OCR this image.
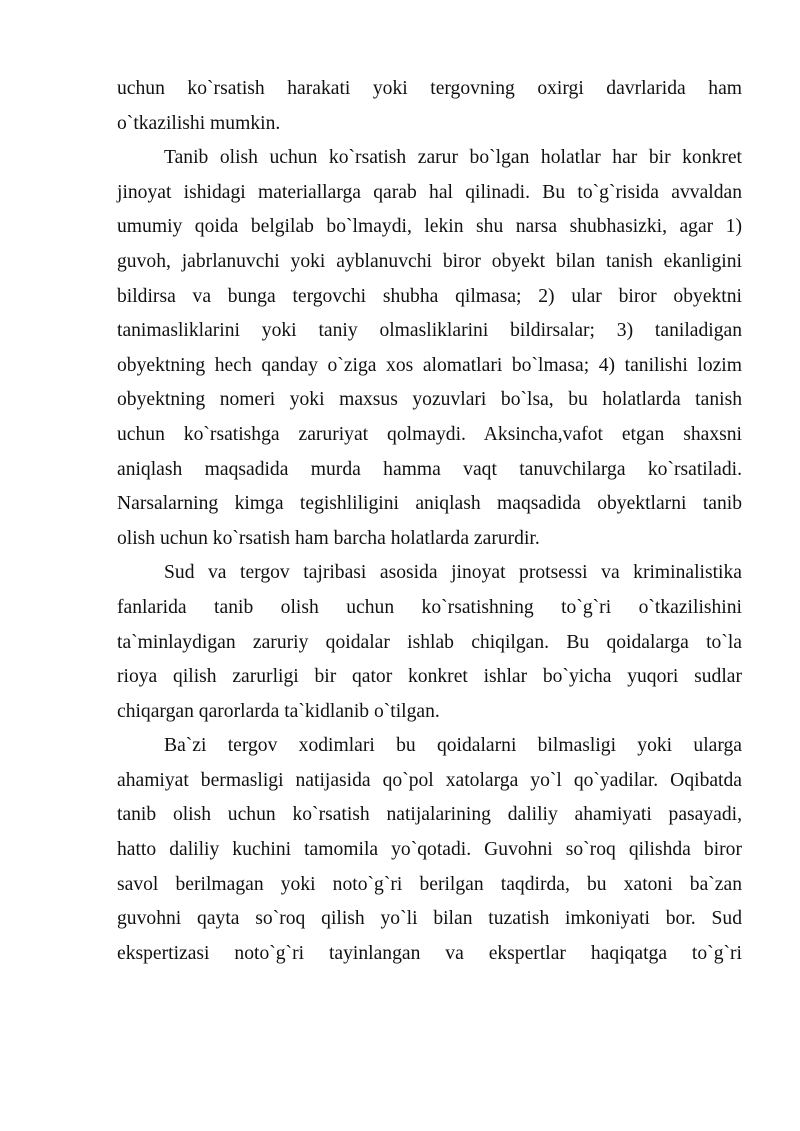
uchun ko`rsatish harakati yoki tergovning oxirgi davrlarida ham
o`tkazilishi mumkin.

Tanib olish uchun ko`rsatish zarur bo`lgan holatlar har bir konkret
jinoyat ishidagi materiallarga qarab hal qilinadi. Bu to`g`risida avvaldan
umumiy qoida belgilab bo`lmaydi, lekin shu narsa shubhasizki, agar 1)
guvoh, jabrlanuvchi yoki ayblanuvchi biror obyekt bilan tanish ekanligini
bildirsa va bunga tergovchi shubha qilmasa; 2) ular biror obyektni
tanimasliklarini yoki taniy olmasliklarini bildirsalar; 3) taniladigan
obyektning hech qanday o`ziga xos alomatlari bo`lmasa; 4) tanilishi lozim
obyektning nomeri yoki maxsus yozuvlari bo`lsa, bu holatlarda tanish
uchun ko`rsatishga zaruriyat qolmaydi. Aksincha,vafot etgan shaxsni
aniqlash maqsadida murda hamma vaqt tanuvchilarga ko`rsatiladi.
Narsalarning kimga tegishliligini aniqlash maqsadida obyektlarni tanib
olish uchun ko`rsatish ham barcha holatlarda zarurdir.

Sud va tergov tajribasi asosida jinoyat protsessi va kriminalistika
fanlarida tanib olish uchun ko`rsatishning to`g`ri o`tkazilishini
ta`minlaydigan zaruriy qoidalar ishlab chiqilgan. Bu qoidalarga to`la
rioya qilish zarurligi bir qator konkret ishlar bo`yicha yuqori sudlar
chiqargan qarorlarda ta`kidlanib o`tilgan.

Ba`zi tergov xodimlari bu qoidalarni bilmasligi yoki ularga
ahamiyat bermasligi natijasida qo`pol xatolarga yo`l qo`yadilar. Oqibatda
tanib olish uchun ko`rsatish natijalarining daliliy ahamiyati pasayadi,
hatto daliliy kuchini tamomila yo`qotadi. Guvohni so`roq qilishda biror
savol berilmagan yoki noto`g`ri berilgan taqdirda, bu xatoni ba`zan
guvohni qayta so`roq qilish yo`li bilan tuzatish imkoniyati bor. Sud
ekspertizasi noto`g`ri tayinlangan va ekspertlar haqiqatga to`g`ri
